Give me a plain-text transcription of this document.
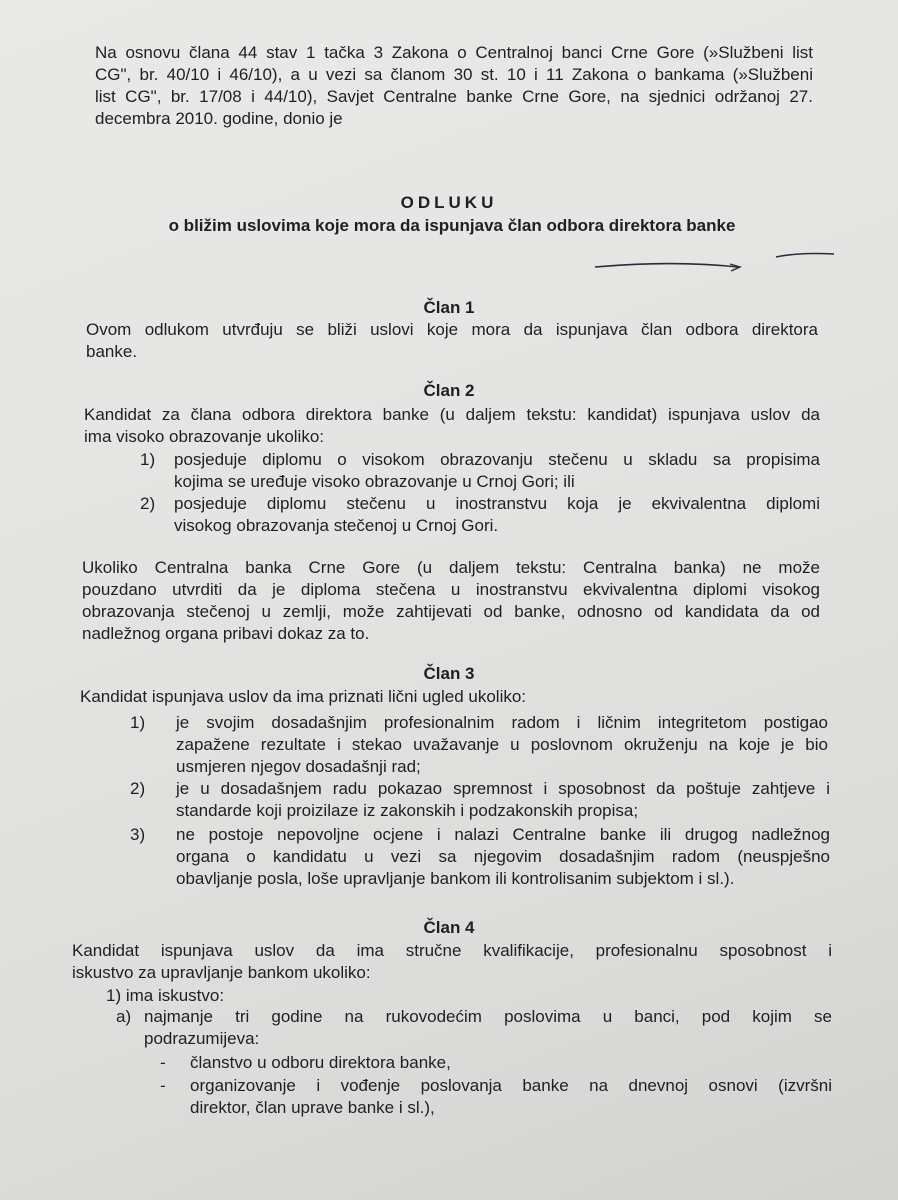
Na osnovu člana 44 stav 1 tačka 3 Zakona o Centralnoj banci Crne Gore (»Službeni list
CG", br. 40/10 i 46/10), a u vezi sa članom 30 st. 10 i 11 Zakona o bankama (»Službeni
list CG", br. 17/08 i 44/10), Savjet Centralne banke Crne Gore, na sjednici održanoj 27.
decembra 2010. godine, donio je
ODLUKU
o bližim uslovima koje mora da ispunjava član odbora direktora banke
Član 1
Ovom odlukom utvrđuju se bliži uslovi koje mora da ispunjava član odbora direktora
banke.
Član 2
Kandidat za člana odbora direktora banke (u daljem tekstu: kandidat) ispunjava uslov da
ima visoko obrazovanje ukoliko:
1) posjeduje diplomu o visokom obrazovanju stečenu u skladu sa propisima
kojima se uređuje visoko obrazovanje u Crnoj Gori; ili
2) posjeduje diplomu stečenu u inostranstvu koja je ekvivalentna diplomi
visokog obrazovanja stečenoj u Crnoj Gori.
Ukoliko Centralna banka Crne Gore (u daljem tekstu: Centralna banka) ne može
pouzdano utvrditi da je diploma stečena u inostranstvu ekvivalentna diplomi visokog
obrazovanja stečenoj u zemlji, može zahtijevati od banke, odnosno od kandidata da od
nadležnog organa pribavi dokaz za to.
Član 3
Kandidat ispunjava uslov da ima priznati lični ugled ukoliko:
1) je svojim dosadašnjim profesionalnim radom i ličnim integritetom postigao
zapažene rezultate i stekao uvažavanje u poslovnom okruženju na koje je bio
usmjeren njegov dosadašnji rad;
2) je u dosadašnjem radu pokazao spremnost i sposobnost da poštuje zahtjeve i
standarde koji proizilaze iz zakonskih i podzakonskih propisa;
3) ne postoje nepovoljne ocjene i nalazi Centralne banke ili drugog nadležnog
organa o kandidatu u vezi sa njegovim dosadašnjim radom (neuspješno
obavljanje posla, loše upravljanje bankom ili kontrolisanim subjektom i sl.).
Član 4
Kandidat ispunjava uslov da ima stručne kvalifikacije, profesionalnu sposobnost i
iskustvo za upravljanje bankom ukoliko:
1) ima iskustvo:
a) najmanje tri godine na rukovodećim poslovima u banci, pod kojim se
podrazumijeva:
- članstvo u odboru direktora banke,
- organizovanje i vođenje poslovanja banke na dnevnoj osnovi (izvršni
direktor, član uprave banke i sl.),
